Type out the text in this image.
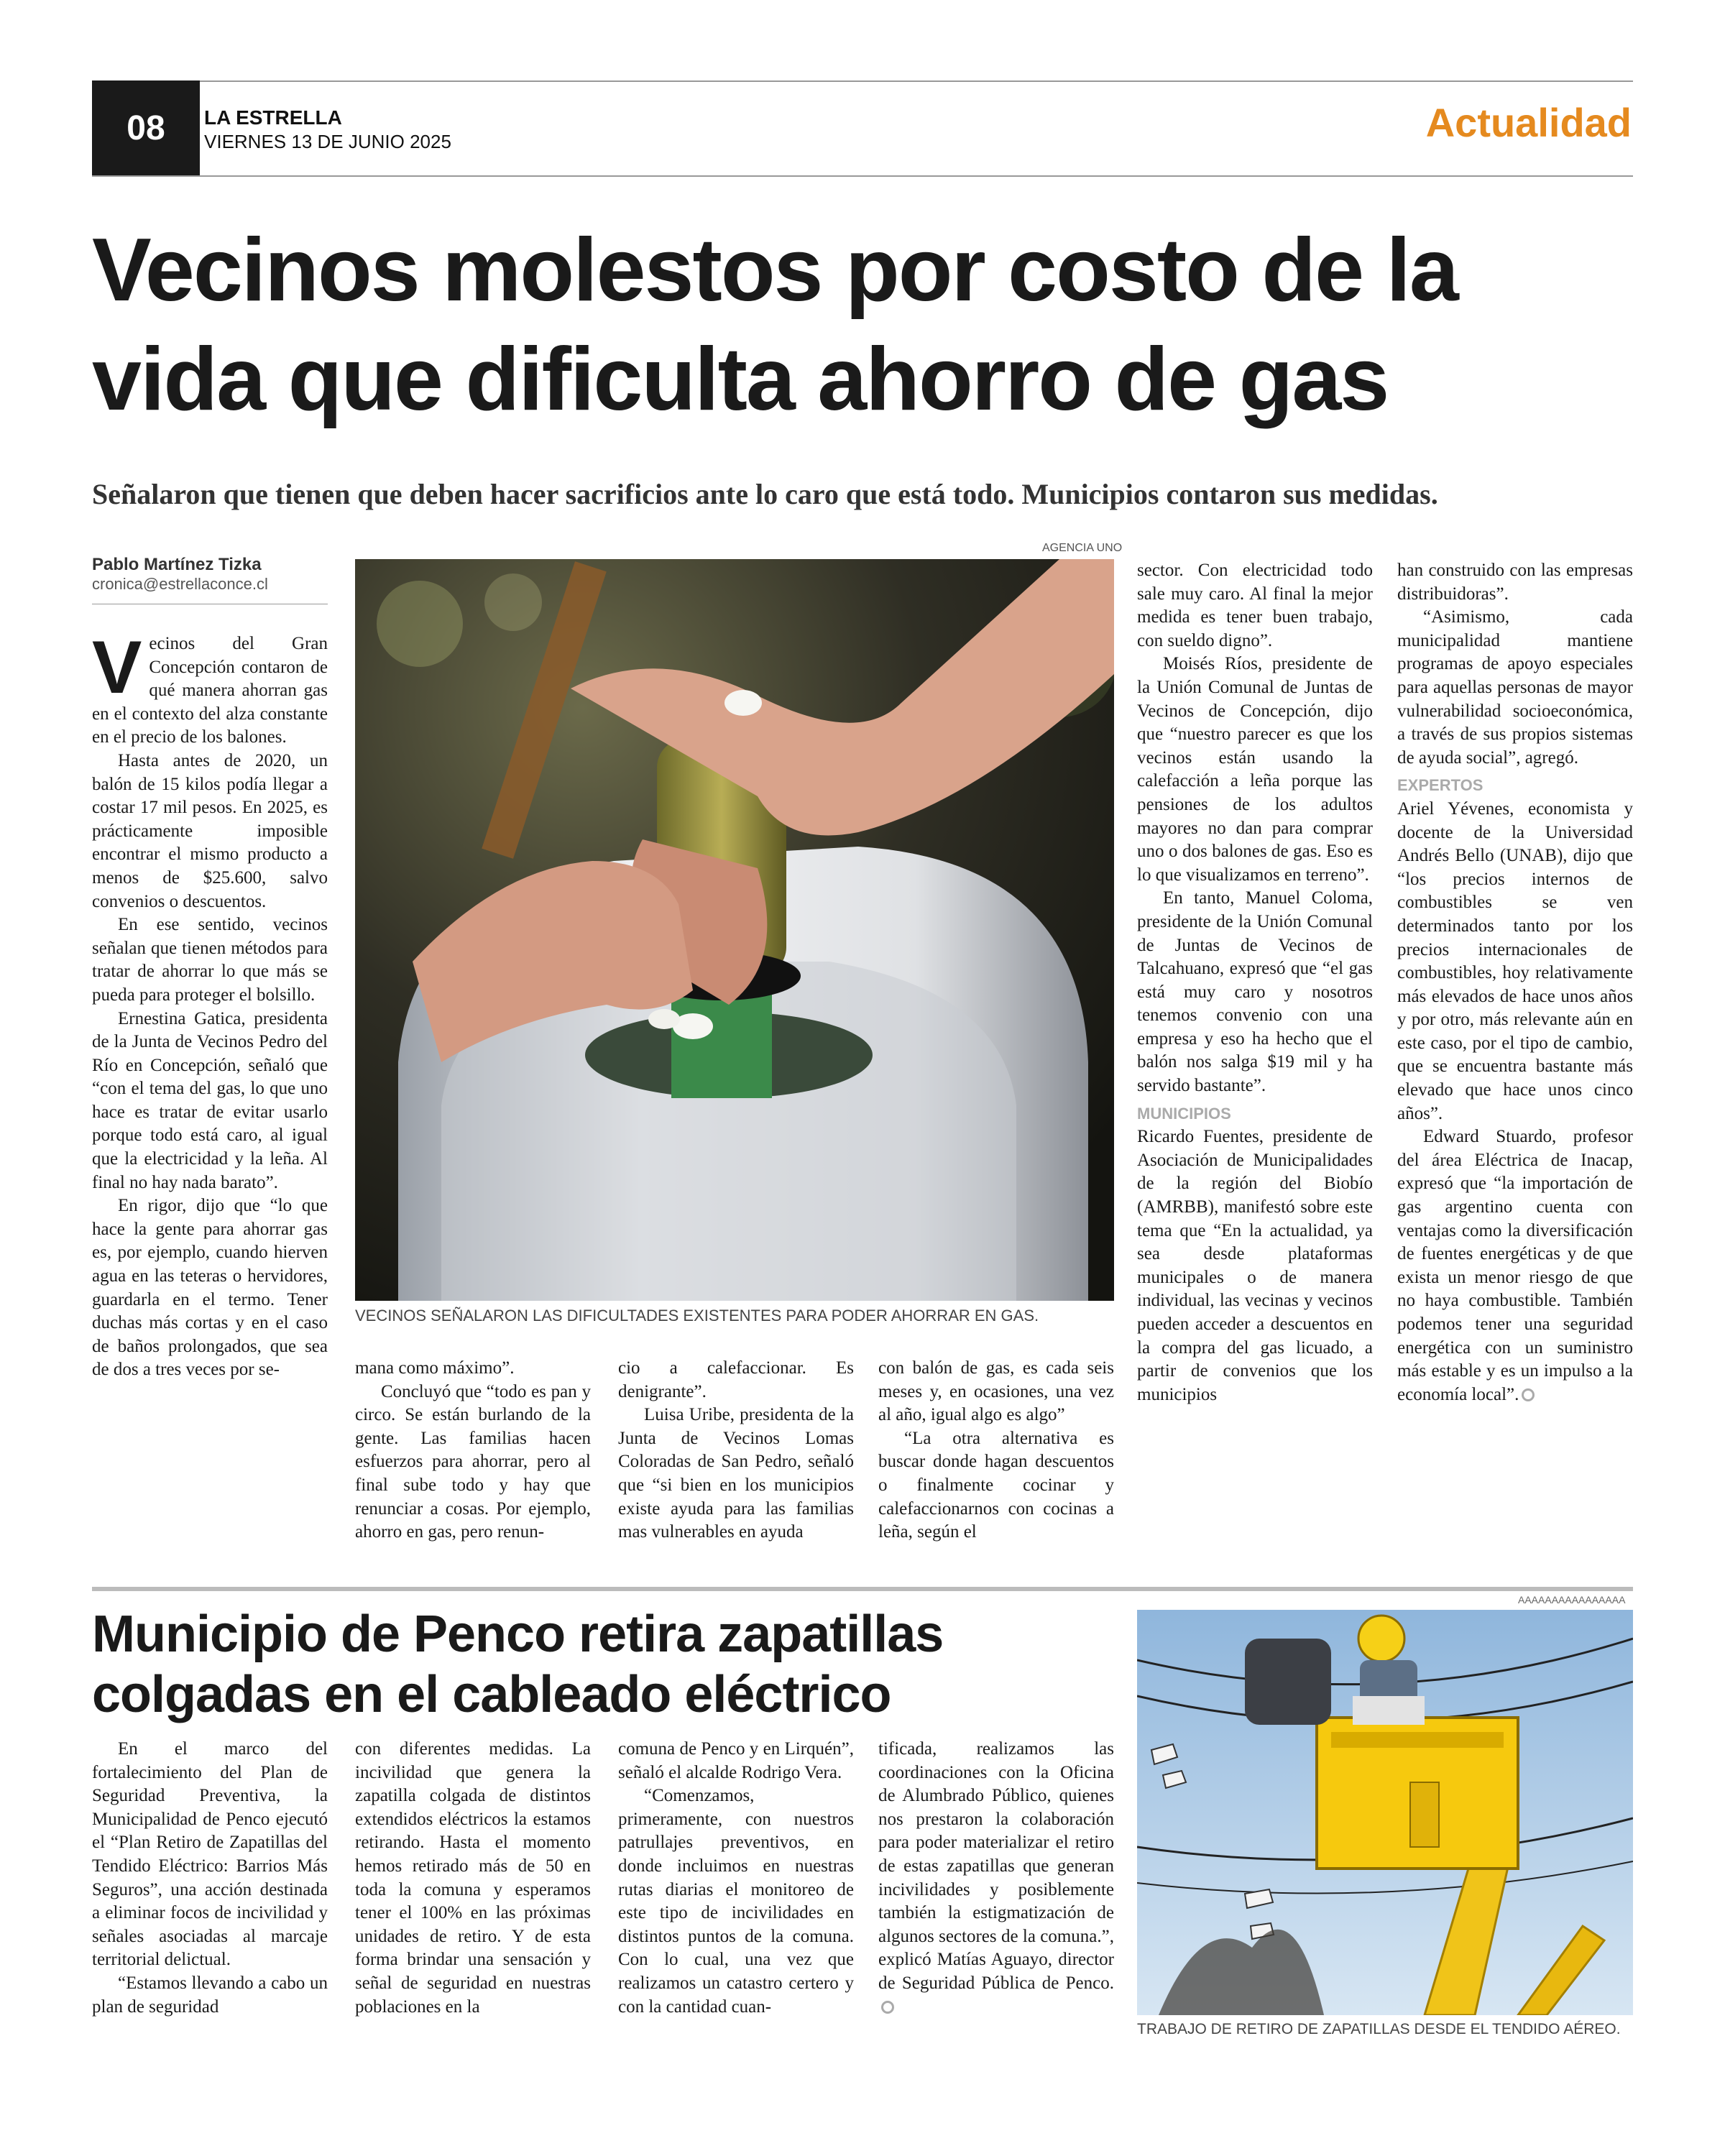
08	LA ESTRELLA
VIERNES 13 DE JUNIO 2025	Actualidad
Vecinos molestos por costo de la vida que dificulta ahorro de gas
Señalaron que tienen que deben hacer sacrificios ante lo caro que está todo. Municipios contaron sus medidas.
Pablo Martínez Tizka
cronica@estrellaconce.cl
AGENCIA UNO
VECINOS SEÑALARON LAS DIFICULTADES EXISTENTES PARA PODER AHORRAR EN GAS.
V ecinos del Gran Concepción contaron de qué manera ahorran gas en el contexto del alza constante en el precio de los balones.

Hasta antes de 2020, un balón de 15 kilos podía llegar a costar 17 mil pesos. En 2025, es prácticamente imposible encontrar el mismo producto a menos de $25.600, salvo convenios o descuentos.

En ese sentido, vecinos señalan que tienen métodos para tratar de ahorrar lo que más se pueda para proteger el bolsillo.

Ernestina Gatica, presidenta de la Junta de Vecinos Pedro del Río en Concepción, señaló que “con el tema del gas, lo que uno hace es tratar de evitar usarlo porque todo está caro, al igual que la electricidad y la leña. Al final no hay nada barato”.

En rigor, dijo que “lo que hace la gente para ahorrar gas es, por ejemplo, cuando hierven agua en las teteras o hervidores, guardarla en el termo. Tener duchas más cortas y en el caso de baños prolongados, que sea de dos a tres veces por se-	mana como máximo”.

Concluyó que “todo es pan y circo. Se están burlando de la gente. Las familias hacen esfuerzos para ahorrar, pero al final sube todo y hay que renunciar a cosas. Por ejemplo, ahorro en gas, pero renun-

cio a calefaccionar. Es denigrante”.

Luisa Uribe, presidenta de la Junta de Vecinos Lomas Coloradas de San Pedro, señaló que “si bien en los municipios existe ayuda para las familias mas vulnerables en ayuda

con balón de gas, es cada seis meses y, en ocasiones, una vez al año, igual algo es algo”

“La otra alternativa es buscar donde hagan descuentos o finalmente cocinar y calefaccionarnos con cocinas a leña, según el

sector. Con electricidad todo sale muy caro. Al final la mejor medida es tener buen trabajo, con sueldo digno”.

Moisés Ríos, presidente de la Unión Comunal de Juntas de Vecinos de Concepción, dijo que “nuestro parecer es que los vecinos están usando la calefacción a leña porque las pensiones de los adultos mayores no dan para comprar uno o dos balones de gas. Eso es lo que visualizamos en terreno”.

En tanto, Manuel Coloma, presidente de la Unión Comunal de Juntas de Vecinos de Talcahuano, expresó que “el gas está muy caro y nosotros tenemos convenio con una empresa y eso ha hecho que el balón nos salga $19 mil y ha servido bastante”.

MUNICIPIOS

Ricardo Fuentes, presidente de Asociación de Municipalidades de la región del Biobío (AMRBB), manifestó sobre este tema que “En la actualidad, ya sea desde plataformas municipales o de manera individual, las vecinas y vecinos pueden acceder a descuentos en la compra del gas licuado, a partir de convenios que los municipios

han construido con las empresas distribuidoras”.

“Asimismo, cada municipalidad mantiene programas de apoyo especiales para aquellas personas de mayor vulnerabilidad socioeconómica, a través de sus propios sistemas de ayuda social”, agregó.

EXPERTOS

Ariel Yévenes, economista y docente de la Universidad Andrés Bello (UNAB), dijo que “los precios internos de combustibles se ven determinados tanto por los precios internacionales de combustibles, hoy relativamente más elevados de hace unos años y por otro, más relevante aún en este caso, por el tipo de cambio, que se encuentra bastante más elevado que hace unos cinco años”.

Edward Stuardo, profesor del área Eléctrica de Inacap, expresó que “la importación de gas argentino cuenta con ventajas como la diversificación de fuentes energéticas y de que exista un menor riesgo de que no haya combustible. También podemos tener una seguridad energética con un suministro más estable y es un impulso a la economía local”.

Municipio de Penco retira zapatillas colgadas en el cableado eléctrico
AAAAAAAAAAAAAAAA
TRABAJO DE RETIRO DE ZAPATILLAS DESDE EL TENDIDO AÉREO.

En el marco del fortalecimiento del Plan de Seguridad Preventiva, la Municipalidad de Penco ejecutó el “Plan Retiro de Zapatillas del Tendido Eléctrico: Barrios Más Seguros”, una acción destinada a eliminar focos de incivilidad y señales asociadas al marcaje territorial delictual.

“Estamos llevando a cabo un plan de seguridad

con diferentes medidas. La incivilidad que genera la zapatilla colgada de distintos extendidos eléctricos la estamos retirando. Hasta el momento hemos retirado más de 50 en toda la comuna y esperamos tener el 100% en las próximas unidades de retiro. Y de esta forma brindar una sensación y señal de seguridad en nuestras poblaciones en la

comuna de Penco y en Lirquén”, señaló el alcalde Rodrigo Vera.

“Comenzamos, primeramente, con nuestros patrullajes preventivos, en donde incluimos en nuestras rutas diarias el monitoreo de este tipo de incivilidades en distintos puntos de la comuna. Con lo cual, una vez que realizamos un catastro certero y con la cantidad cuan-

tificada, realizamos las coordinaciones con la Oficina de Alumbrado Público, quienes nos prestaron la colaboración para poder materializar el retiro de estas zapatillas que generan incivilidades y posiblemente también la estigmatización de algunos sectores de la comuna.”, explicó Matías Aguayo, director de Seguridad Pública de Penco.
